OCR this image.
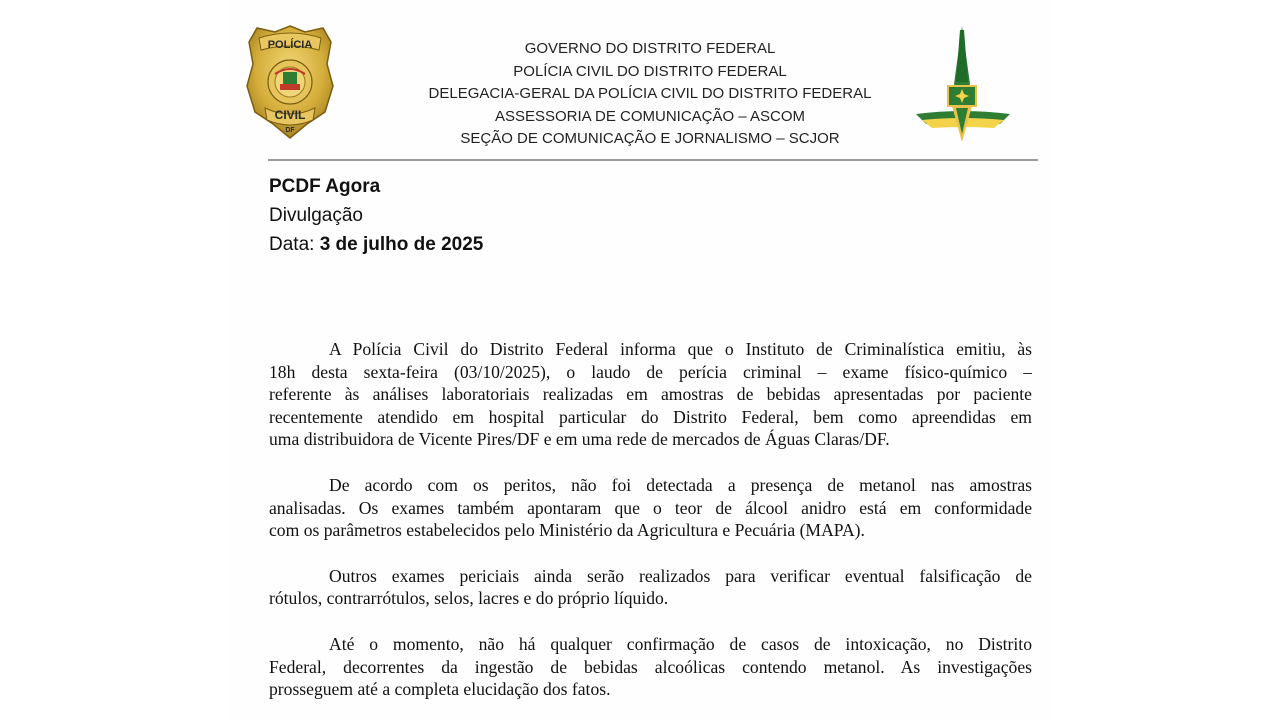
POLÍCIA
CIVIL
DF
GOVERNO DO DISTRITO FEDERAL
POLÍCIA CIVIL DO DISTRITO FEDERAL
DELEGACIA-GERAL DA POLÍCIA CIVIL DO DISTRITO FEDERAL
ASSESSORIA DE COMUNICAÇÃO – ASCOM
SEÇÃO DE COMUNICAÇÃO E JORNALISMO – SCJOR
PCDF Agora
Divulgação
Data: 3 de julho de 2025
A Polícia Civil do Distrito Federal informa que o Instituto de Criminalística emitiu, às
18h desta sexta-feira (03/10/2025), o laudo de perícia criminal – exame físico-químico –
referente às análises laboratoriais realizadas em amostras de bebidas apresentadas por paciente
recentemente atendido em hospital particular do Distrito Federal, bem como apreendidas em
uma distribuidora de Vicente Pires/DF e em uma rede de mercados de Águas Claras/DF.
De acordo com os peritos, não foi detectada a presença de metanol nas amostras
analisadas. Os exames também apontaram que o teor de álcool anidro está em conformidade
com os parâmetros estabelecidos pelo Ministério da Agricultura e Pecuária (MAPA).
Outros exames periciais ainda serão realizados para verificar eventual falsificação de
rótulos, contrarrótulos, selos, lacres e do próprio líquido.
Até o momento, não há qualquer confirmação de casos de intoxicação, no Distrito
Federal, decorrentes da ingestão de bebidas alcoólicas contendo metanol. As investigações
prosseguem até a completa elucidação dos fatos.
